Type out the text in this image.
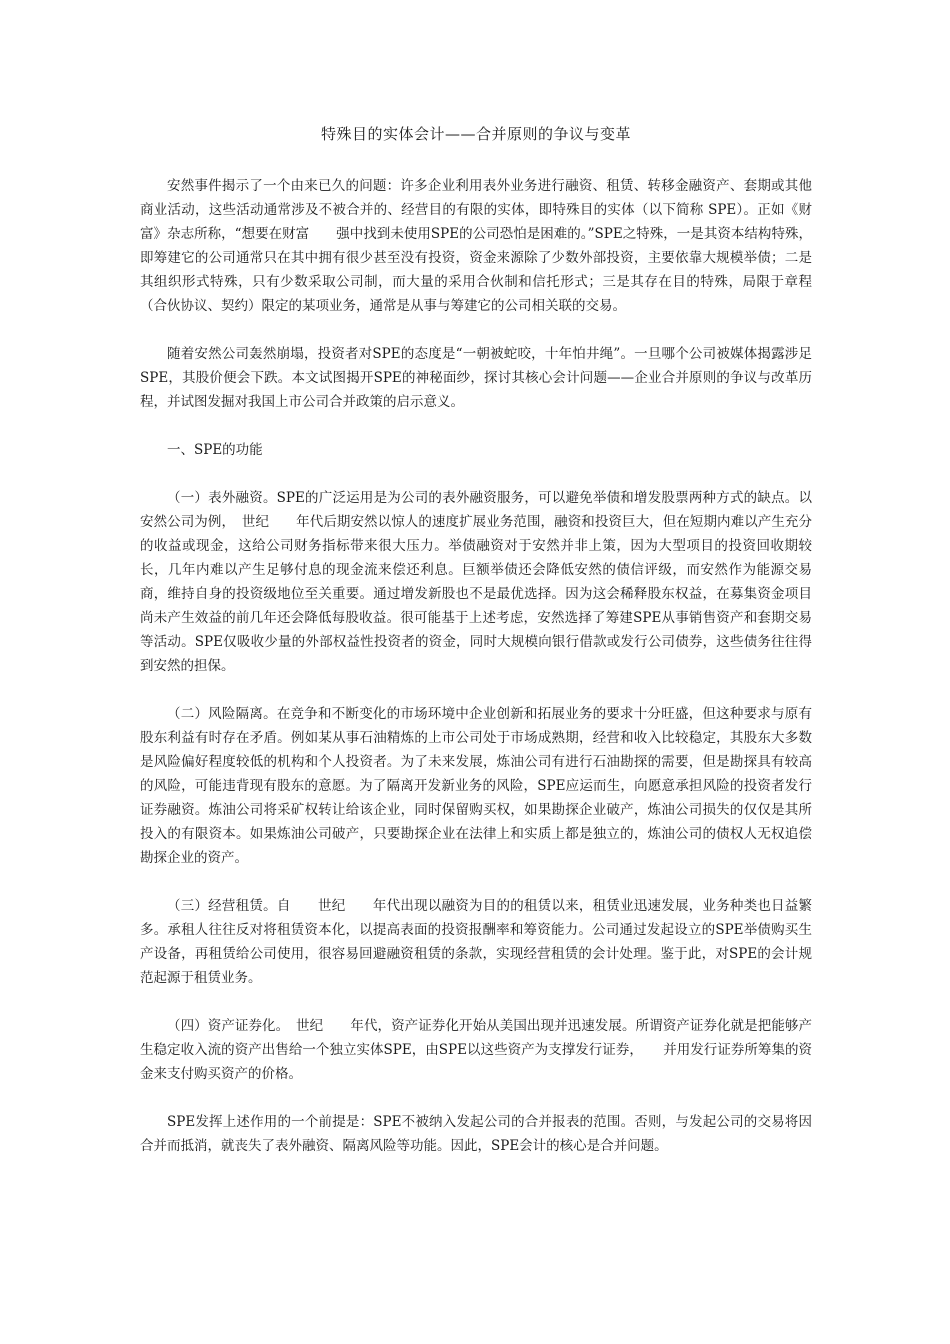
特殊目的实体会计——合并原则的争议与变革

安然事件揭示了一个由来已久的问题：许多企业利用表外业务进行融资、租赁、转移金融资产、套期或其他商业活动，这些活动通常涉及不被合并的、经营目的有限的实体，即特殊目的实体（以下简称 SPE）。正如《财富》杂志所称，“想要在财富　　强中找到未使用SPE的公司恐怕是困难的。”SPE之特殊，一是其资本结构特殊，即筹建它的公司通常只在其中拥有很少甚至没有投资，资金来源除了少数外部投资，主要依靠大规模举债；二是其组织形式特殊，只有少数采取公司制，而大量的采用合伙制和信托形式；三是其存在目的特殊，局限于章程（合伙协议、契约）限定的某项业务，通常是从事与筹建它的公司相关联的交易。

随着安然公司轰然崩塌，投资者对SPE的态度是“一朝被蛇咬，十年怕井绳”。一旦哪个公司被媒体揭露涉足SPE，其股价便会下跌。本文试图揭开SPE的神秘面纱，探讨其核心会计问题——企业合并原则的争议与改革历程，并试图发掘对我国上市公司合并政策的启示意义。

一、SPE的功能

（一）表外融资。SPE的广泛运用是为公司的表外融资服务，可以避免举债和增发股票两种方式的缺点。以安然公司为例，　世纪　　年代后期安然以惊人的速度扩展业务范围，融资和投资巨大，但在短期内难以产生充分的收益或现金，这给公司财务指标带来很大压力。举债融资对于安然并非上策，因为大型项目的投资回收期较长，几年内难以产生足够付息的现金流来偿还利息。巨额举债还会降低安然的债信评级，而安然作为能源交易商，维持自身的投资级地位至关重要。通过增发新股也不是最优选择。因为这会稀释股东权益，在募集资金项目尚未产生效益的前几年还会降低每股收益。很可能基于上述考虑，安然选择了筹建SPE从事销售资产和套期交易等活动。SPE仅吸收少量的外部权益性投资者的资金，同时大规模向银行借款或发行公司债券，这些债务往往得到安然的担保。

（二）风险隔离。在竞争和不断变化的市场环境中企业创新和拓展业务的要求十分旺盛，但这种要求与原有股东利益有时存在矛盾。例如某从事石油精炼的上市公司处于市场成熟期，经营和收入比较稳定，其股东大多数是风险偏好程度较低的机构和个人投资者。为了未来发展，炼油公司有进行石油勘探的需要，但是勘探具有较高的风险，可能违背现有股东的意愿。为了隔离开发新业务的风险，SPE应运而生，向愿意承担风险的投资者发行证券融资。炼油公司将采矿权转让给该企业，同时保留购买权，如果勘探企业破产，炼油公司损失的仅仅是其所投入的有限资本。如果炼油公司破产，只要勘探企业在法律上和实质上都是独立的，炼油公司的债权人无权追偿勘探企业的资产。

（三）经营租赁。自　　世纪　　年代出现以融资为目的的租赁以来，租赁业迅速发展，业务种类也日益繁多。承租人往往反对将租赁资本化，以提高表面的投资报酬率和筹资能力。公司通过发起设立的SPE举债购买生产设备，再租赁给公司使用，很容易回避融资租赁的条款，实现经营租赁的会计处理。鉴于此，对SPE的会计规范起源于租赁业务。

（四）资产证券化。　世纪　　年代，资产证券化开始从美国出现并迅速发展。所谓资产证券化就是把能够产生稳定收入流的资产出售给一个独立实体SPE，由SPE以这些资产为支撑发行证券，　　并用发行证券所筹集的资金来支付购买资产的价格。

SPE发挥上述作用的一个前提是：SPE不被纳入发起公司的合并报表的范围。否则，与发起公司的交易将因合并而抵消，就丧失了表外融资、隔离风险等功能。因此，SPE会计的核心是合并问题。
